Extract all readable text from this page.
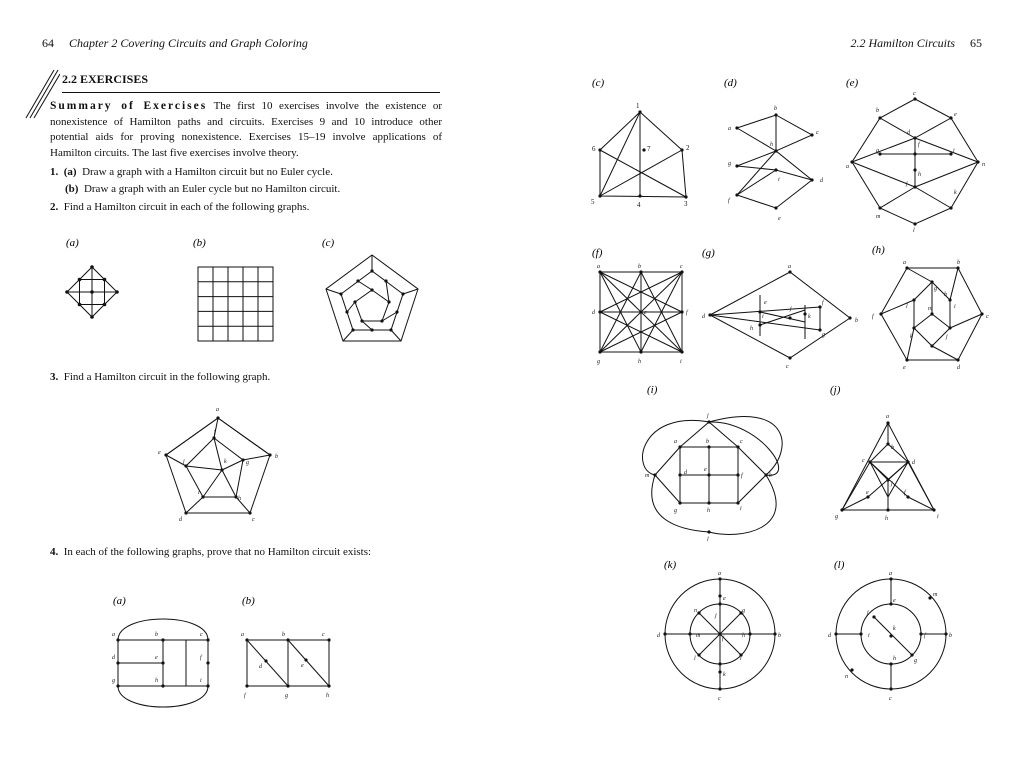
64 Chapter 2 Covering Circuits and Graph Coloring
2.2 EXERCISES
Summary of Exercises The first 10 exercises involve the existence or nonexistence of Hamilton paths and circuits. Exercises 9 and 10 introduce other potential aids for proving nonexistence. Exercises 15–19 involve applications of Hamilton circuits. The last five exercises involve theory.
1. (a) Draw a graph with a Hamilton circuit but no Euler cycle.
(b) Draw a graph with an Euler cycle but no Hamilton circuit.
2. Find a Hamilton circuit in each of the following graphs.
3. Find a Hamilton circuit in the following graph.
4. In each of the following graphs, prove that no Hamilton circuit exists:
(a)	(b)	(c)
a
b
c
d
e
f
g
h
i
j	k
(a)	(b)
a	b	c
d	e	f
g	h	i
a	b	c
d	e
f	g	h
(c)	(d)	(e)
1
2
3
4
5
6	7
a
b
c
d
e
f
g
h
i
a
b
c
d
e
f
g
h
i
j
k
l
m
n
(f)	(g)	(h)
a	b	c
d	e	f
g	h	i
a
b
c
d
e	f
g
h
i
j
k
a	b
c
d
e
f
g
h
i
j
k
l	m
(i)	(j)
a	b	c
d	e
f
g	h	i
j
k
l
m
a
b
c	d
e	f
g	h	i
j
(k)	(l)
a
b
c
d
e
f
g
h
i
j
k
l
m
n
a
b
c
d
e
f
g
h
i
j
k
m
n
2.2 Hamilton Circuits 65
